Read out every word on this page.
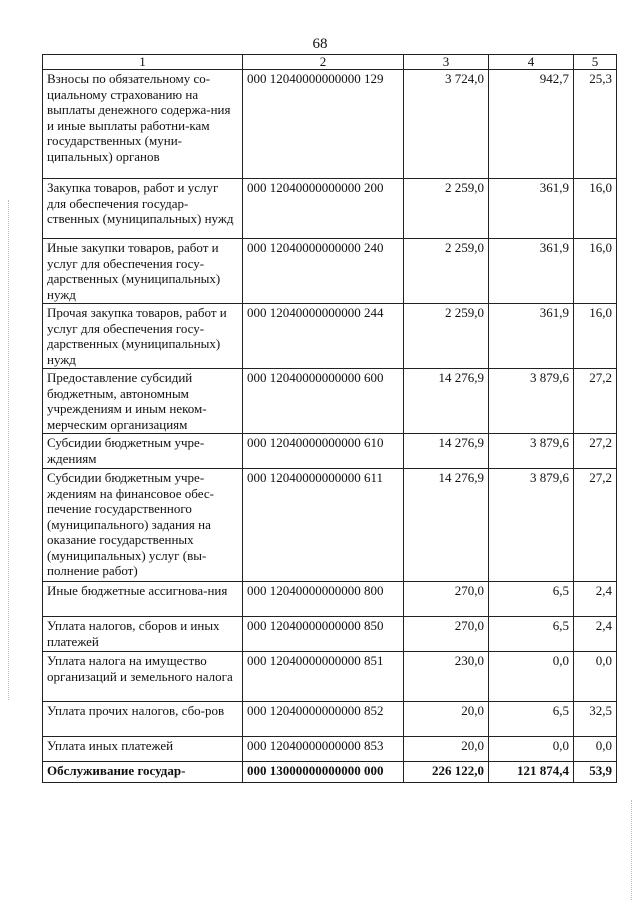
68
1	2	3	4	5
Взносы по обязательному со-циальному страхованию на выплаты денежного содержа-ния и иные выплаты работни-кам государственных (муни-ципальных) органов	000 12040000000000 129	3 724,0	942,7	25,3
Закупка товаров, работ и услуг для обеспечения государ-ственных (муниципальных) нужд	000 12040000000000 200	2 259,0	361,9	16,0
Иные закупки товаров, работ и услуг для обеспечения госу-дарственных (муниципальных) нужд	000 12040000000000 240	2 259,0	361,9	16,0
Прочая закупка товаров, работ и услуг для обеспечения госу-дарственных (муниципальных) нужд	000 12040000000000 244	2 259,0	361,9	16,0
Предоставление субсидий бюджетным, автономным учреждениям и иным неком-мерческим организациям	000 12040000000000 600	14 276,9	3 879,6	27,2
Субсидии бюджетным учре-ждениям	000 12040000000000 610	14 276,9	3 879,6	27,2
Субсидии бюджетным учре-ждениям на финансовое обес-печение государственного (муниципального) задания на оказание государственных (муниципальных) услуг (вы-полнение работ)	000 12040000000000 611	14 276,9	3 879,6	27,2
Иные бюджетные ассигнова-ния	000 12040000000000 800	270,0	6,5	2,4
Уплата налогов, сборов и иных платежей	000 12040000000000 850	270,0	6,5	2,4
Уплата налога на имущество организаций и земельного налога	000 12040000000000 851	230,0	0,0	0,0
Уплата прочих налогов, сбо-ров	000 12040000000000 852	20,0	6,5	32,5
Уплата иных платежей	000 12040000000000 853	20,0	0,0	0,0
Обслуживание государ-	000 13000000000000 000	226 122,0	121 874,4	53,9
